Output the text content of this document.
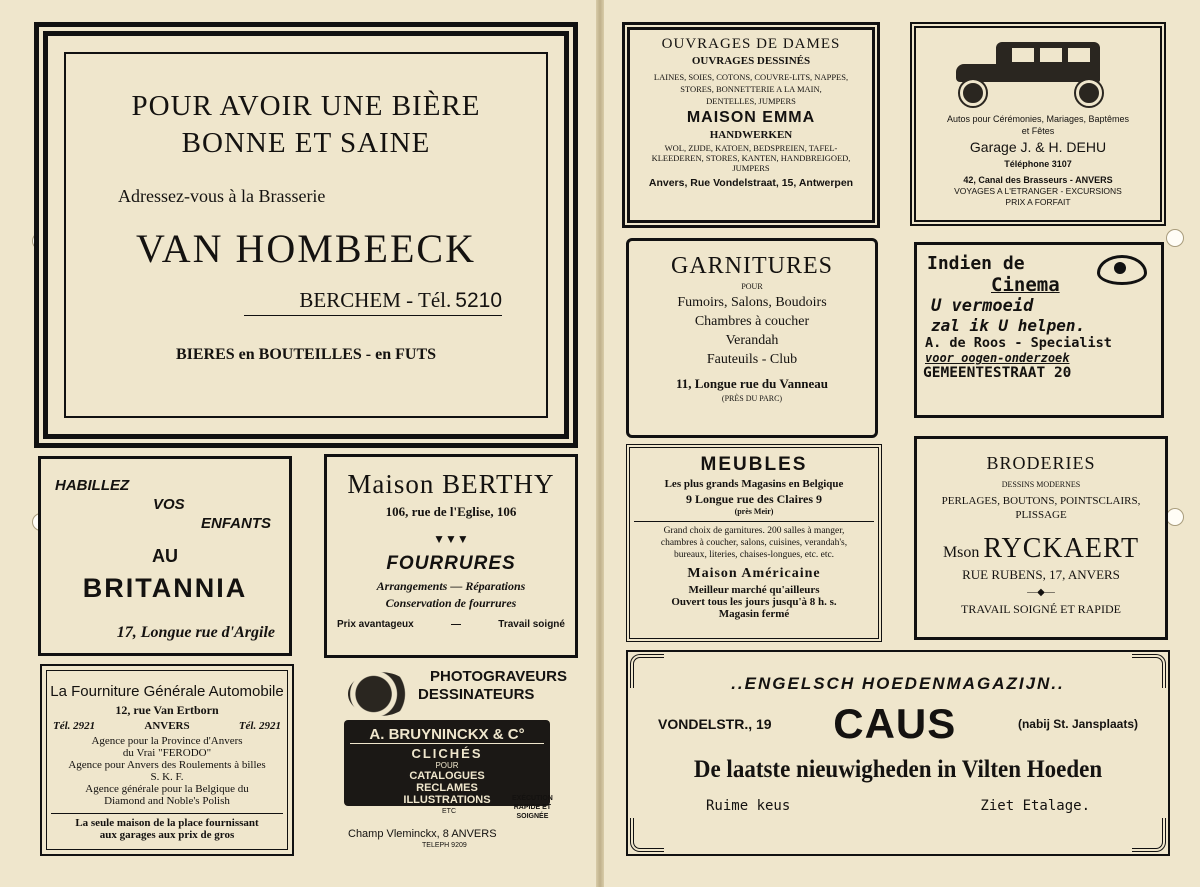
POUR AVOIR UNE BIÈRE
BONNE ET SAINE
Adressez-vous à la Brasserie
VAN HOMBEECK
BERCHEM - Tél. 5210
BIERES en BOUTEILLES - en FUTS
HABILLEZ
VOS
ENFANTS
AU
BRITANNIA
17, Longue rue d'Argile
Maison BERTHY
106, rue de l'Eglise, 106
▼▼▼
FOURRURES
Arrangements — Réparations
Conservation de fourrures
Prix avantageux	—	Travail soigné
La Fourniture Générale Automobile
12, rue Van Ertborn
Tél. 2921	ANVERS	Tél. 2921
Agence pour la Province d'Anvers
du Vrai "FERODO"
Agence pour Anvers des Roulements à billes
S. K. F.
Agence générale pour la Belgique du
Diamond and Noble's Polish
La seule maison de la place fournissant
aux garages aux prix de gros
PHOTOGRAVEURS
DESSINATEURS
A. BRUYNINCKX & C°
CLICHÉS
POUR
CATALOGUES
RECLAMES
ILLUSTRATIONS
ETC
EXÉCUTION
RAPIDE ET
SOIGNÉE
Champ Vleminckx, 8 ANVERS
TELEPH 9209
OUVRAGES DE DAMES
OUVRAGES DESSINÉS
LAINES, SOIES, COTONS, COUVRE-LITS, NAPPES,
STORES, BONNETTERIE A LA MAIN,
DENTELLES, JUMPERS
MAISON EMMA
HANDWERKEN
WOL, ZIJDE, KATOEN, BEDSPREIEN, TAFEL-
KLEEDEREN, STORES, KANTEN, HANDBREIGOED,
JUMPERS
Anvers, Rue Vondelstraat, 15, Antwerpen
Autos pour Cérémonies, Mariages, Baptêmes
et Fêtes
Garage J. & H. DEHU
Téléphone 3107
42, Canal des Brasseurs - ANVERS
VOYAGES A L'ETRANGER - EXCURSIONS
PRIX A FORFAIT
GARNITURES
POUR
Fumoirs, Salons, Boudoirs
Chambres à coucher
Verandah
Fauteuils - Club
11, Longue rue du Vanneau
(PRÈS DU PARC)
Indien de
Cinema
U vermoeid
zal ik U helpen.
A. de Roos - Specialist
voor oogen-onderzoek
GEMEENTESTRAAT 20
MEUBLES
Les plus grands Magasins en Belgique
9 Longue rue des Claires 9
(près Meir)
Grand choix de garnitures. 200 salles à manger,
chambres à coucher, salons, cuisines, verandah's,
bureaux, literies, chaises-longues, etc. etc.
Maison Américaine
Meilleur marché qu'ailleurs
Ouvert tous les jours jusqu'à 8 h. s.
Magasin fermé
BRODERIES
DESSINS MODERNES
PERLAGES, BOUTONS, POINTSCLAIRS,
PLISSAGE
Mson RYCKAERT
RUE RUBENS, 17, ANVERS
—◆—
TRAVAIL SOIGNÉ ET RAPIDE
..ENGELSCH HOEDENMAGAZIJN..
VONDELSTR., 19 CAUS	(nabij St. Jansplaats)
De laatste nieuwigheden in Vilten Hoeden
Ruime keus	Ziet Etalage.
